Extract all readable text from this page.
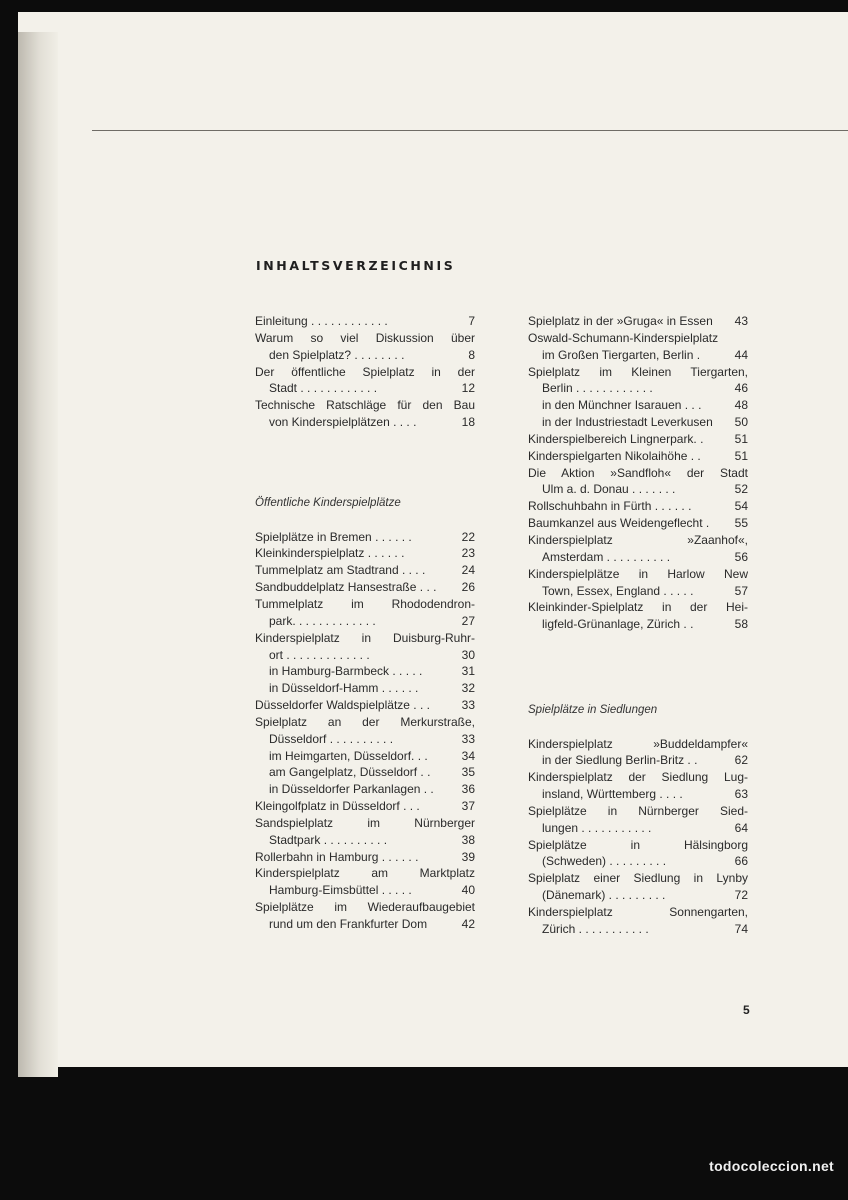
INHALTSVERZEICHNIS
Einleitung . . . . . . . . . . . .	7
Warum so viel Diskussion über
den Spielplatz? . . . . . . . .	8
Der öffentliche Spielplatz in der
Stadt . . . . . . . . . . . .	12
Technische Ratschläge für den Bau
von Kinderspielplätzen . . . .	18
Öffentliche Kinderspielplätze
Spielplätze in Bremen . . . . . .	22
Kleinkinderspielplatz . . . . . .	23
Tummelplatz am Stadtrand . . . .	24
Sandbuddelplatz Hansestraße . . .	26
Tummelplatz im Rhododendron-
park. . . . . . . . . . . . .	27
Kinderspielplatz in Duisburg-Ruhr-
ort . . . . . . . . . . . . .	30
in Hamburg-Barmbeck . . . . .	31
in Düsseldorf-Hamm . . . . . .	32
Düsseldorfer Waldspielplätze . . .	33
Spielplatz an der Merkurstraße,
Düsseldorf . . . . . . . . . .	33
im Heimgarten, Düsseldorf. . .	34
am Gangelplatz, Düsseldorf . .	35
in Düsseldorfer Parkanlagen . .	36
Kleingolfplatz in Düsseldorf . . .	37
Sandspielplatz im Nürnberger
Stadtpark . . . . . . . . . .	38
Rollerbahn in Hamburg . . . . . .	39
Kinderspielplatz am Marktplatz
Hamburg-Eimsbüttel . . . . .	40
Spielplätze im Wiederaufbaugebiet
rund um den Frankfurter Dom	42
Spielplatz in der »Gruga« in Essen	43
Oswald-Schumann-Kinderspielplatz
im Großen Tiergarten, Berlin .	44
Spielplatz im Kleinen Tiergarten,
Berlin . . . . . . . . . . . .	46
in den Münchner Isarauen . . .	48
in der Industriestadt Leverkusen	50
Kinderspielbereich Lingnerpark. .	51
Kinderspielgarten Nikolaihöhe . .	51
Die Aktion »Sandfloh« der Stadt
Ulm a. d. Donau . . . . . . .	52
Rollschuhbahn in Fürth . . . . . .	54
Baumkanzel aus Weidengeflecht .	55
Kinderspielplatz »Zaanhof«,
Amsterdam . . . . . . . . . .	56
Kinderspielplätze in Harlow New
Town, Essex, England . . . . .	57
Kleinkinder-Spielplatz in der Hei-
ligfeld-Grünanlage, Zürich . .	58
Spielplätze in Siedlungen
Kinderspielplatz »Buddeldampfer«
in der Siedlung Berlin-Britz . .	62
Kinderspielplatz der Siedlung Lug-
insland, Württemberg . . . .	63
Spielplätze in Nürnberger Sied-
lungen . . . . . . . . . . .	64
Spielplätze in Hälsingborg
(Schweden) . . . . . . . . .	66
Spielplatz einer Siedlung in Lynby
(Dänemark) . . . . . . . . .	72
Kinderspielplatz Sonnengarten,
Zürich . . . . . . . . . . .	74
5
todocoleccion.net
